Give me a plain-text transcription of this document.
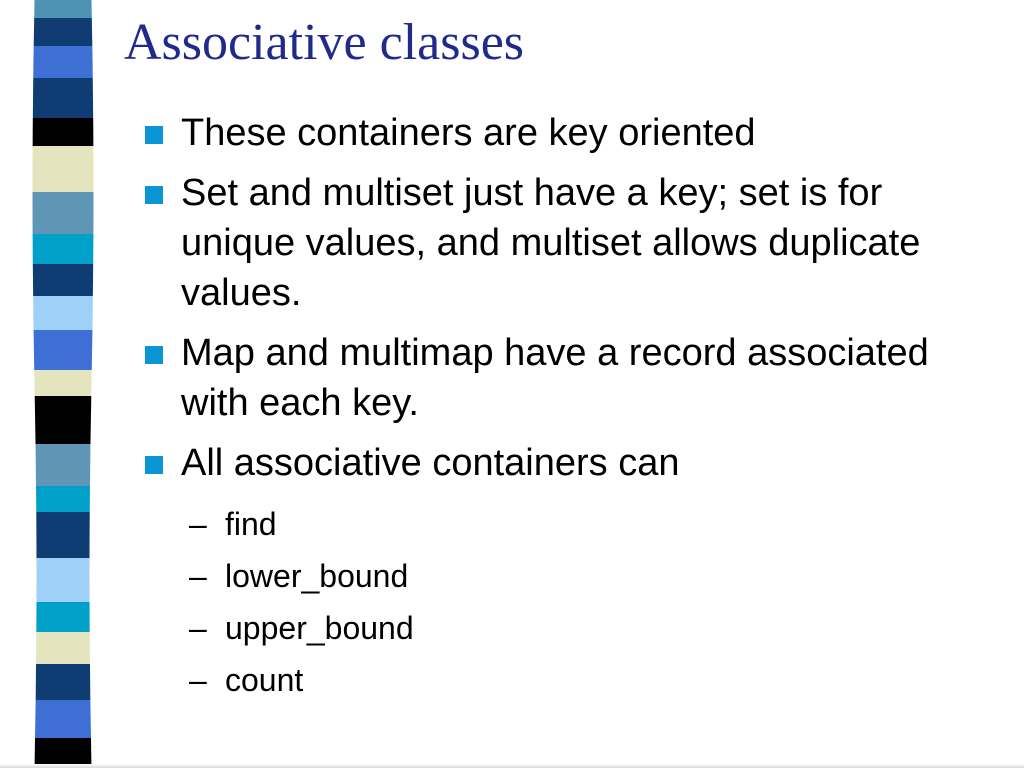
Associative classes
These containers are key oriented
Set and multiset just have a key; set is for unique values, and multiset allows duplicate values.
Map and multimap have a record associated with each key.
All associative containers can
– find
– lower_bound
– upper_bound
– count
